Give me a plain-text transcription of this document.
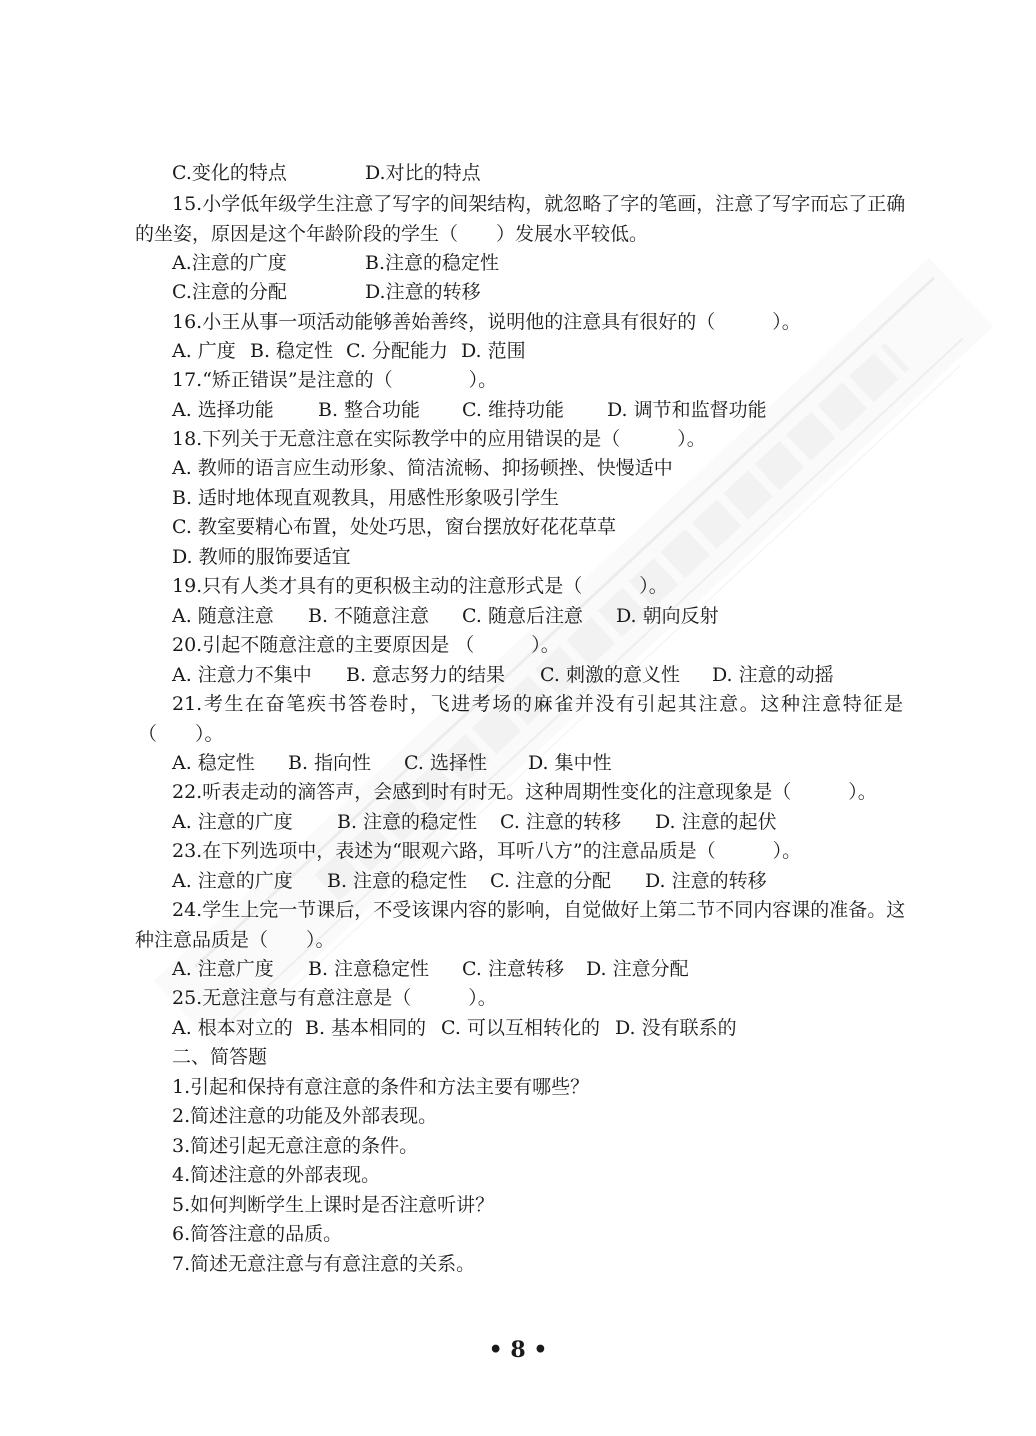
C.变化的特点	D.对比的特点
15.小学低年级学生注意了写字的间架结构，就忽略了字的笔画，注意了写字而忘了正确
的坐姿，原因是这个年龄阶段的学生（　　）发展水平较低。
A.注意的广度	B.注意的稳定性
C.注意的分配	D.注意的转移
16.小王从事一项活动能够善始善终，说明他的注意具有很好的（　　　）。
A. 广度 B. 稳定性 C. 分配能力 D. 范围
17.“矫正错误”是注意的（　　　　）。
A. 选择功能 B. 整合功能 C. 维持功能 D. 调节和监督功能
18.下列关于无意注意在实际教学中的应用错误的是（　　　）。
A. 教师的语言应生动形象、简洁流畅、抑扬顿挫、快慢适中
B. 适时地体现直观教具，用感性形象吸引学生
C. 教室要精心布置，处处巧思，窗台摆放好花花草草
D. 教师的服饰要适宜
19.只有人类才具有的更积极主动的注意形式是（　　　）。
A. 随意注意 B. 不随意注意 C. 随意后注意 D. 朝向反射
20.引起不随意注意的主要原因是 （　　　）。
A. 注意力不集中 B. 意志努力的结果 C. 刺激的意义性 D. 注意的动摇
21.考生在奋笔疾书答卷时，飞进考场的麻雀并没有引起其注意。这种注意特征是
（　　）。
A. 稳定性 B. 指向性 C. 选择性 D. 集中性
22.听表走动的滴答声，会感到时有时无。这种周期性变化的注意现象是（　　　）。
A. 注意的广度 B. 注意的稳定性 C. 注意的转移 D. 注意的起伏
23.在下列选项中，表述为“眼观六路，耳听八方”的注意品质是（　　　）。
A. 注意的广度 B. 注意的稳定性 C. 注意的分配 D. 注意的转移
24.学生上完一节课后，不受该课内容的影响，自觉做好上第二节不同内容课的准备。这
种注意品质是（　　）。
A. 注意广度 B. 注意稳定性 C. 注意转移 D. 注意分配
25.无意注意与有意注意是（　　　）。
A. 根本对立的 B. 基本相同的 C. 可以互相转化的 D. 没有联系的
二、简答题
1.引起和保持有意注意的条件和方法主要有哪些？
2.简述注意的功能及外部表现。
3.简述引起无意注意的条件。
4.简述注意的外部表现。
5.如何判断学生上课时是否注意听讲？
6.简答注意的品质。
7.简述无意注意与有意注意的关系。
• 8 •
